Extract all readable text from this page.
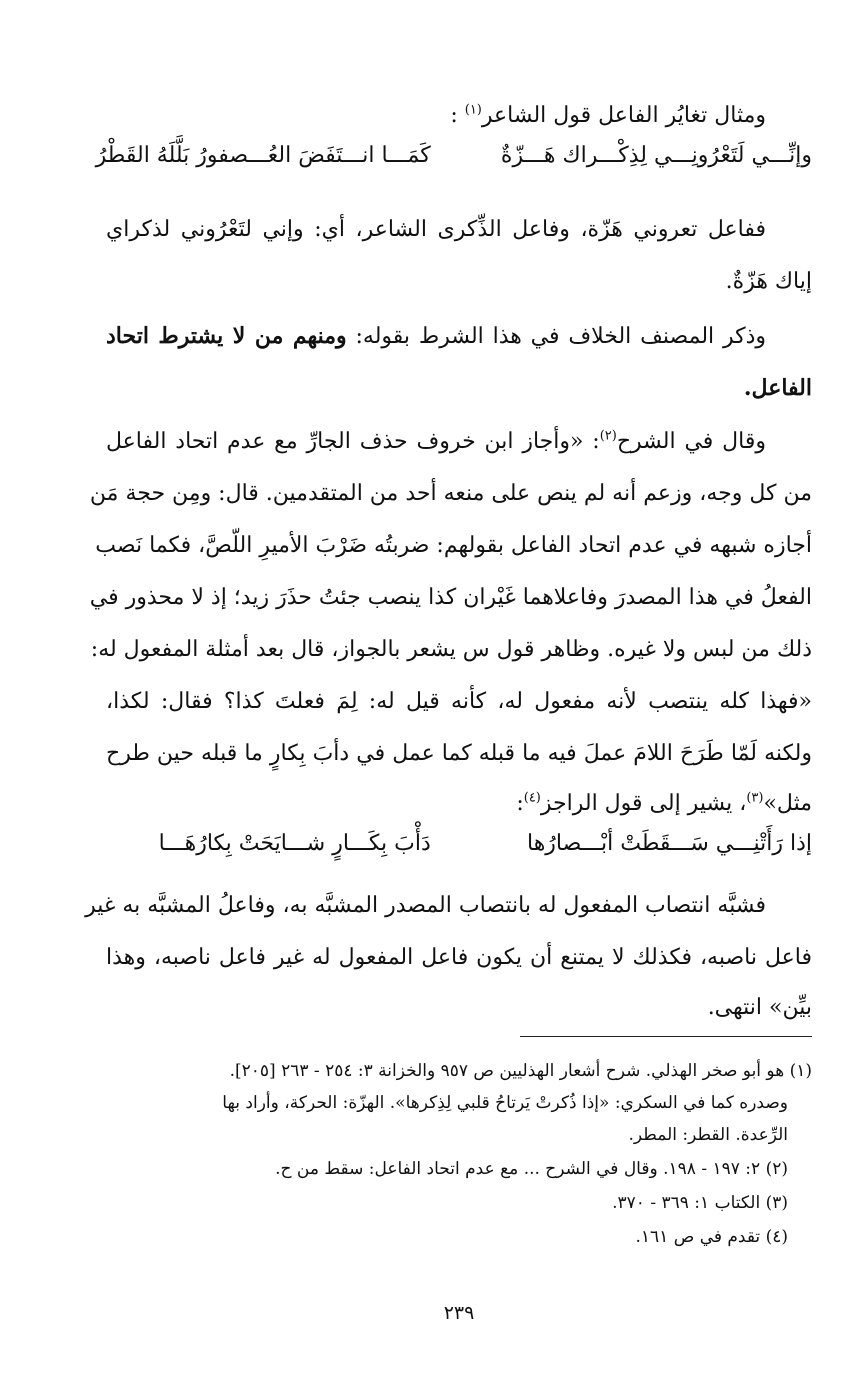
ومثال تغايُر الفاعل قول الشاعر$^{(١)}$ :
وإنِّـــي لَتَعْرُونِـــي لِذِكْـــراك هَـــزّةٌ
كَمَـــا انـــتَفَضَ العُـــصفورُ بَلَّلَهُ القَطْرُ
ففاعل تعروني هَزّة، وفاعل الذِّكرى الشاعر، أي: وإني لتَعْرُوني لذكراي
إياك هَزّةٌ.
وذكر المصنف الخلاف في هذا الشرط بقوله: ومنهم من لا يشترط اتحاد
الفاعل.
وقال في الشرح$^{(٢)}$: «وأجاز ابن خروف حذف الجارِّ مع عدم اتحاد الفاعل
من كل وجه، وزعم أنه لم ينص على منعه أحد من المتقدمين. قال: ومِن حجة مَن
أجازه شبهه في عدم اتحاد الفاعل بقولهم: ضربتُه ضَرْبَ الأميرِ اللّصَّ، فكما نَصب
الفعلُ في هذا المصدرَ وفاعلاهما غَيْران كذا ينصب جئتُ حذَرَ زيد؛ إذ لا محذور في
ذلك من لبس ولا غيره. وظاهر قول س يشعر بالجواز، قال بعد أمثلة المفعول له:
«فهذا كله ينتصب لأنه مفعول له، كأنه قيل له: لِمَ فعلتَ كذا؟ فقال: لكذا،
ولكنه لَمّا طَرَحَ اللامَ عملَ فيه ما قبله كما عمل في دأبَ بِكارٍ ما قبله حين طرح
مثل»$^{(٣)}$، يشير إلى قول الراجز$^{(٤)}$:
إذا رَأَتْنِـــي سَـــقَطَتْ أبْـــصارُها
دَأْبَ بِكَـــارٍ شـــايَحَتْ بِكارُهَـــا
فشبَّه انتصاب المفعول له بانتصاب المصدر المشبَّه به، وفاعلُ المشبَّه به غير
فاعل ناصبه، فكذلك لا يمتنع أن يكون فاعل المفعول له غير فاعل ناصبه، وهذا
بيِّن» انتهى.
(١) هو أبو صخر الهذلي. شرح أشعار الهذليين ص ٩٥٧ والخزانة ٣: ٢٥٤ - ٢٦٣ [٢٠٥].
وصدره كما في السكري: «إذا ذُكرتْ يَرتاحُ قلبي لِذِكرها». الهزّة: الحركة، وأراد بها
الرِّعدة. القطر: المطر.
(٢) ٢: ١٩٧ - ١٩٨. وقال في الشرح ... مع عدم اتحاد الفاعل: سقط من ح.
(٣) الكتاب ١: ٣٦٩ - ٣٧٠.
(٤) تقدم في ص ١٦١.
٢٣٩
